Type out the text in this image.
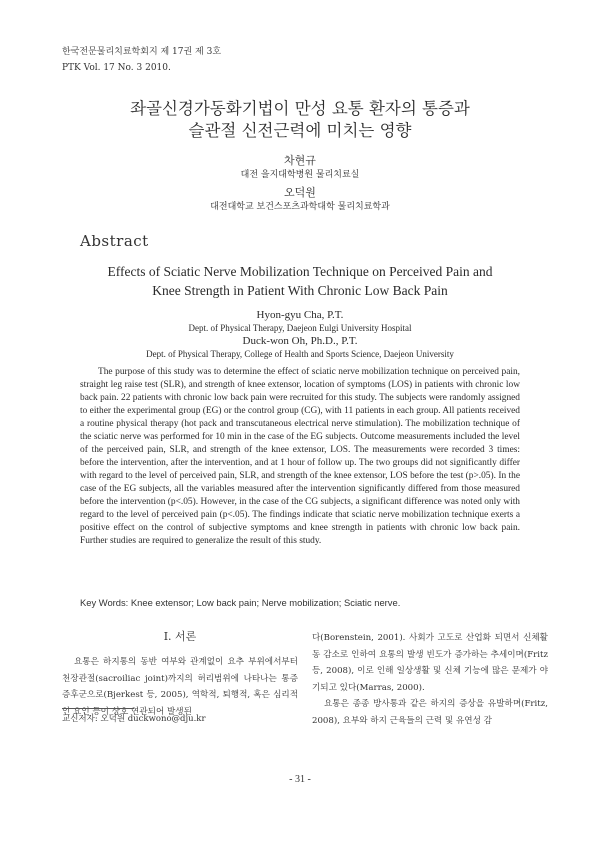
한국전문물리치료학회지 제 17권 제 3호
PTK Vol. 17 No. 3 2010.
좌골신경가동화기법이 만성 요통 환자의 통증과
슬관절 신전근력에 미치는 영향
차현규
대전 을지대학병원 물리치료실
오덕원
대전대학교 보건스포츠과학대학 물리치료학과
Abstract
Effects of Sciatic Nerve Mobilization Technique on Perceived Pain and
Knee Strength in Patient With Chronic Low Back Pain
Hyon-gyu Cha, P.T.
Dept. of Physical Therapy, Daejeon Eulgi University Hospital
Duck-won Oh, Ph.D., P.T.
Dept. of Physical Therapy, College of Health and Sports Science, Daejeon University

The purpose of this study was to determine the effect of sciatic nerve mobilization technique on perceived pain, straight leg raise test (SLR), and strength of knee extensor, location of symptoms (LOS) in patients with chronic low back pain. 22 patients with chronic low back pain were recruited for this study. The subjects were randomly assigned to either the experimental group (EG) or the control group (CG), with 11 patients in each group. All patients received a routine physical therapy (hot pack and transcutaneous electrical nerve stimulation). The mobilization technique of the sciatic nerve was performed for 10 min in the case of the EG subjects. Outcome measurements included the level of the perceived pain, SLR, and strength of the knee extensor, LOS. The measurements were recorded 3 times: before the intervention, after the intervention, and at 1 hour of follow up. The two groups did not significantly differ with regard to the level of perceived pain, SLR, and strength of the knee extensor, LOS before the test (p>.05). In the case of the EG subjects, all the variables measured after the intervention significantly differed from those measured before the intervention (p<.05). However, in the case of the CG subjects, a significant difference was noted only with regard to the level of perceived pain (p<.05). The findings indicate that sciatic nerve mobilization technique exerts a positive effect on the control of subjective symptoms and knee strength in patients with chronic low back pain. Further studies are required to generalize the result of this study.

Key Words: Knee extensor; Low back pain; Nerve mobilization; Sciatic nerve.
Ⅰ. 서론

요통은 하지통의 동반 여부와 관계없이 요추 부위에서부터 천장관절(sacroiliac joint)까지의 허리범위에 나타나는 통증증후군으로(Bjerkest 등, 2005), 역학적, 퇴행적, 혹은 심리적인 요인 등이 상호 연관되어 발생된

다(Borenstein, 2001). 사회가 고도로 산업화 되면서 신체활동 감소로 인하여 요통의 발생 빈도가 증가하는 추세이며(Fritz 등, 2008), 이로 인해 일상생활 및 신체 기능에 많은 문제가 야기되고 있다(Marras, 2000).

요통은 종종 방사통과 같은 하지의 증상을 유발하며(Fritz, 2008), 요부와 하지 근육들의 근력 및 유연성 감

교신저자: 오덕원 duckwono@dju.kr
- 31 -
